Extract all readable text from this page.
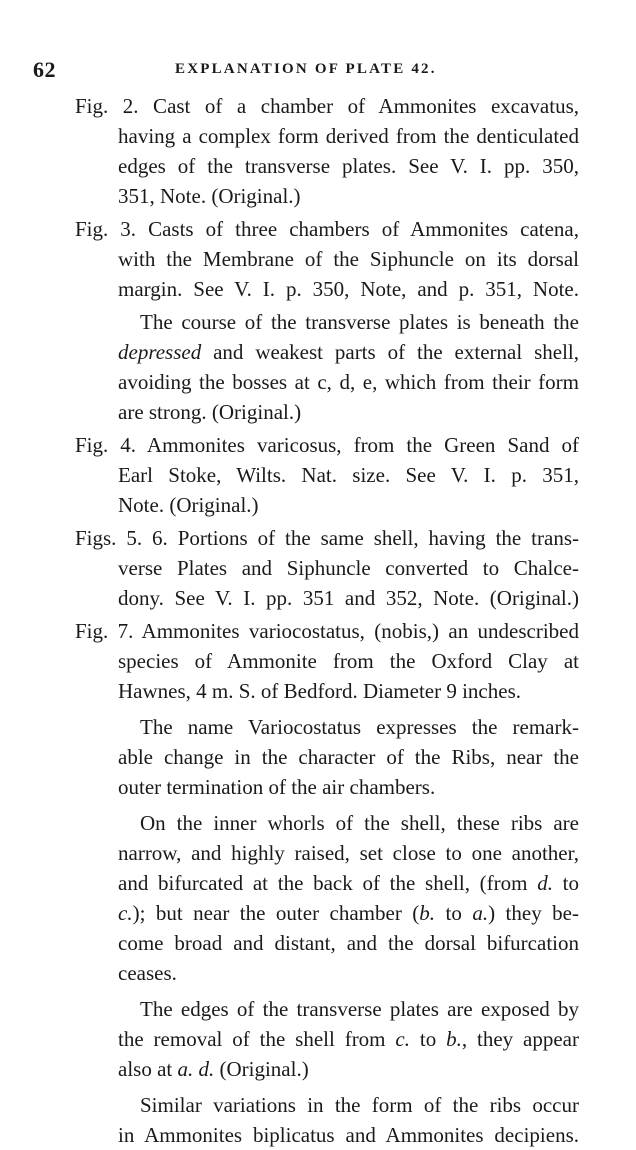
62	EXPLANATION OF PLATE 42.
Fig. 2. Cast of a chamber of Ammonites excavatus,
having a complex form derived from the denticulated
edges of the transverse plates. See V. I. pp. 350,
351, Note. (Original.)
Fig. 3. Casts of three chambers of Ammonites catena,
with the Membrane of the Siphuncle on its dorsal
margin. See V. I. p. 350, Note, and p. 351, Note.
The course of the transverse plates is beneath the
depressed and weakest parts of the external shell,
avoiding the bosses at c, d, e, which from their form
are strong. (Original.)
Fig. 4. Ammonites varicosus, from the Green Sand of
Earl Stoke, Wilts. Nat. size. See V. I. p. 351,
Note. (Original.)
Figs. 5. 6. Portions of the same shell, having the trans-
verse Plates and Siphuncle converted to Chalce-
dony. See V. I. pp. 351 and 352, Note. (Original.)
Fig. 7. Ammonites variocostatus, (nobis,) an undescribed
species of Ammonite from the Oxford Clay at
Hawnes, 4 m. S. of Bedford. Diameter 9 inches.
The name Variocostatus expresses the remark-
able change in the character of the Ribs, near the
outer termination of the air chambers.
On the inner whorls of the shell, these ribs are
narrow, and highly raised, set close to one another,
and bifurcated at the back of the shell, (from d. to
c.); but near the outer chamber (b. to a.) they be-
come broad and distant, and the dorsal bifurcation
ceases.
The edges of the transverse plates are exposed by
the removal of the shell from c. to b., they appear
also at a. d. (Original.)
Similar variations in the form of the ribs occur
in Ammonites biplicatus and Ammonites decipiens.
